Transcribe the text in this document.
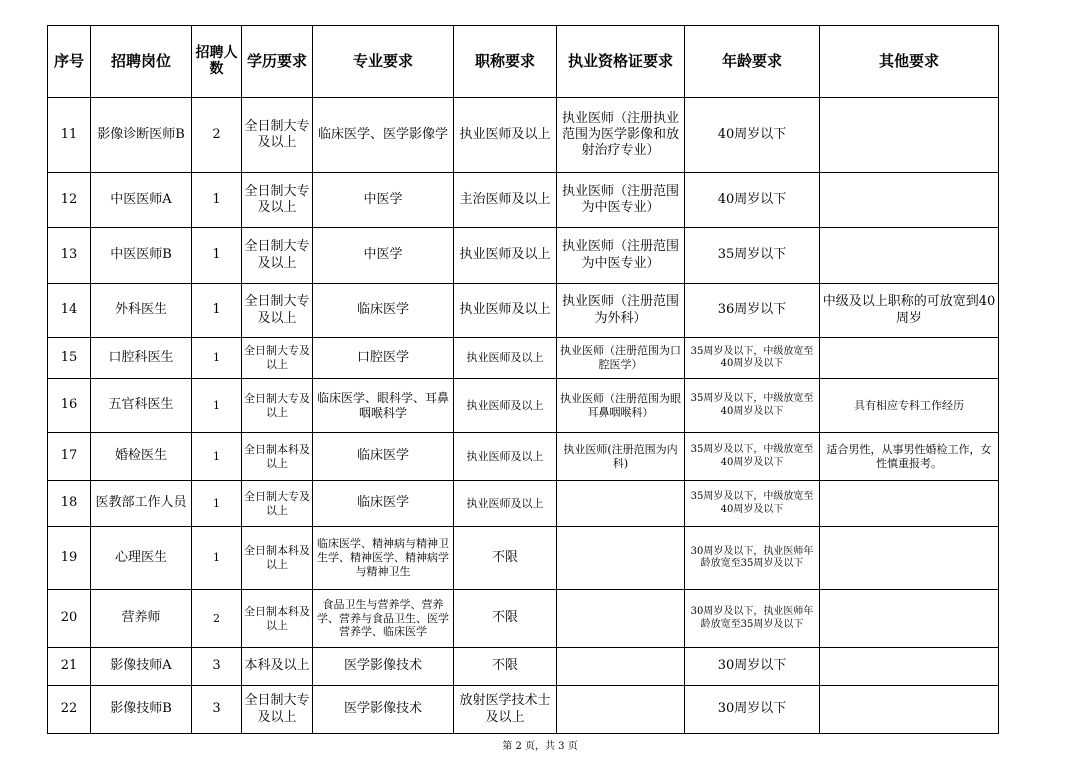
序号	招聘岗位	招聘人数	学历要求	专业要求	职称要求	执业资格证要求	年龄要求	其他要求
11	影像诊断医师B	2	全日制大专及以上	临床医学、医学影像学	执业医师及以上	执业医师（注册执业范围为医学影像和放射治疗专业）	40周岁以下	
12	中医医师A	1	全日制大专及以上	中医学	主治医师及以上	执业医师（注册范围为中医专业）	40周岁以下	
13	中医医师B	1	全日制大专及以上	中医学	执业医师及以上	执业医师（注册范围为中医专业）	35周岁以下	
14	外科医生	1	全日制大专及以上	临床医学	执业医师及以上	执业医师（注册范围为外科）	36周岁以下	中级及以上职称的可放宽到40周岁
15	口腔科医生	1	全日制大专及以上	口腔医学	执业医师及以上	执业医师（注册范围为口腔医学）	35周岁及以下，中级放宽至40周岁及以下	
16	五官科医生	1	全日制大专及以上	临床医学、眼科学、耳鼻咽喉科学	执业医师及以上	执业医师（注册范围为眼耳鼻咽喉科）	35周岁及以下，中级放宽至40周岁及以下	具有相应专科工作经历
17	婚检医生	1	全日制本科及以上	临床医学	执业医师及以上	执业医师(注册范围为内科)	35周岁及以下，中级放宽至40周岁及以下	适合男性，从事男性婚检工作，女性慎重报考。
18	医教部工作人员	1	全日制大专及以上	临床医学	执业医师及以上		35周岁及以下，中级放宽至40周岁及以下	
19	心理医生	1	全日制本科及以上	临床医学、精神病与精神卫生学、精神医学、精神病学与精神卫生	不限		30周岁及以下，执业医师年龄放宽至35周岁及以下	
20	营养师	2	全日制本科及以上	食品卫生与营养学、营养学、营养与食品卫生、医学营养学、临床医学	不限		30周岁及以下，执业医师年龄放宽至35周岁及以下	
21	影像技师A	3	本科及以上	医学影像技术	不限		30周岁以下	
22	影像技师B	3	全日制大专及以上	医学影像技术	放射医学技术士及以上		30周岁以下	
第 2 页，共 3 页
